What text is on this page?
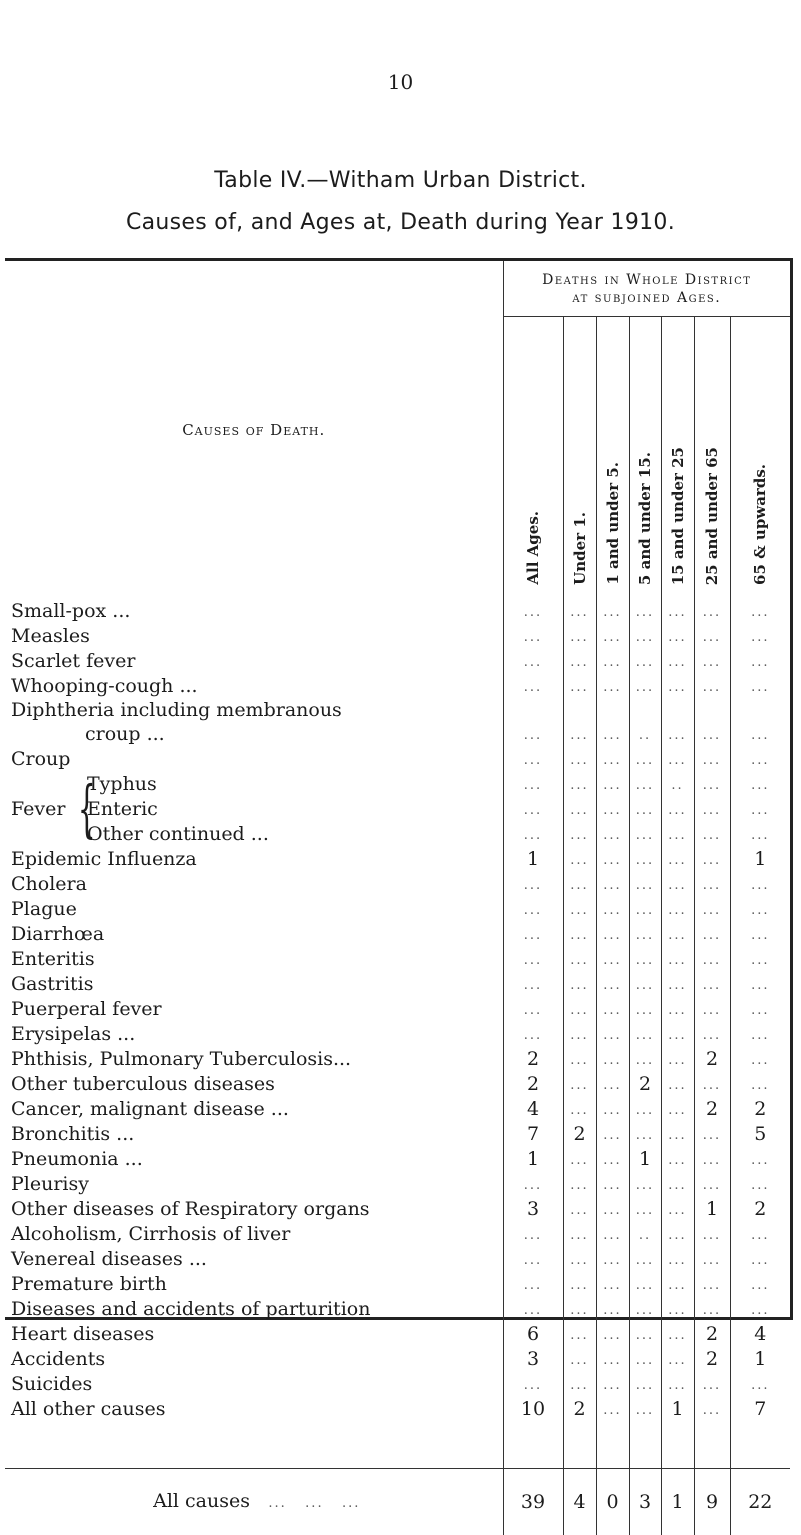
10
Table IV.—Witham Urban District.
Causes of, and Ages at, Death during Year 1910.
Causes of Death.	Deaths in Whole District
at subjoined Ages.						

	All Ages.	Under 1.	1 and under 5.	5 and under 15.	15 and under 25	25 and under 65	65 & upwards.

Small-pox ...	...	...	...	...	...	...	...
Measles	...	...	...	...	...	...	...
Scarlet fever	...	...	...	...	...	...	...
Whooping-cough ...	...	...	...	...	...	...	...
Diphtheria including membranous							
croup ...	...	...	...	..	...	...	...
Croup	...	...	...	...	...	...	...
Typhus	...	...	...	...	..	...	...

Fever {
Enteric	...	...	...	...	...	...	...
Other continued ...	...	...	...	...	...	...	...
Epidemic Influenza	1	...	...	...	...	...	1
Cholera	...	...	...	...	...	...	...
Plague	...	...	...	...	...	...	...
Diarrhœa	...	...	...	...	...	...	...
Enteritis	...	...	...	...	...	...	...
Gastritis	...	...	...	...	...	...	...
Puerperal fever	...	...	...	...	...	...	...
Erysipelas ...	...	...	...	...	...	...	...
Phthisis, Pulmonary Tuberculosis...	2	...	...	...	...	2	...
Other tuberculous diseases	2	...	...	2	...	...	...
Cancer, malignant disease ...	4	...	...	...	...	2	2
Bronchitis ...	7	2	...	...	...	...	5
Pneumonia ...	1	...	...	1	...	...	...
Pleurisy	...	...	...	...	...	...	...
Other diseases of Respiratory organs	3	...	...	...	...	1	2
Alcoholism, Cirrhosis of liver	...	...	...	..	...	...	...
Venereal diseases ...	...	...	...	...	...	...	...
Premature birth	...	...	...	...	...	...	...
Diseases and accidents of parturition	...	...	...	...	...	...	...
Heart diseases	6	...	...	...	...	2	4
Accidents	3	...	...	...	...	2	1
Suicides	...	...	...	...	...	...	...
All other causes	10	2	...	...	1	...	7

All causes   ...   ...   ...	39	4	0	3	1	9	22
